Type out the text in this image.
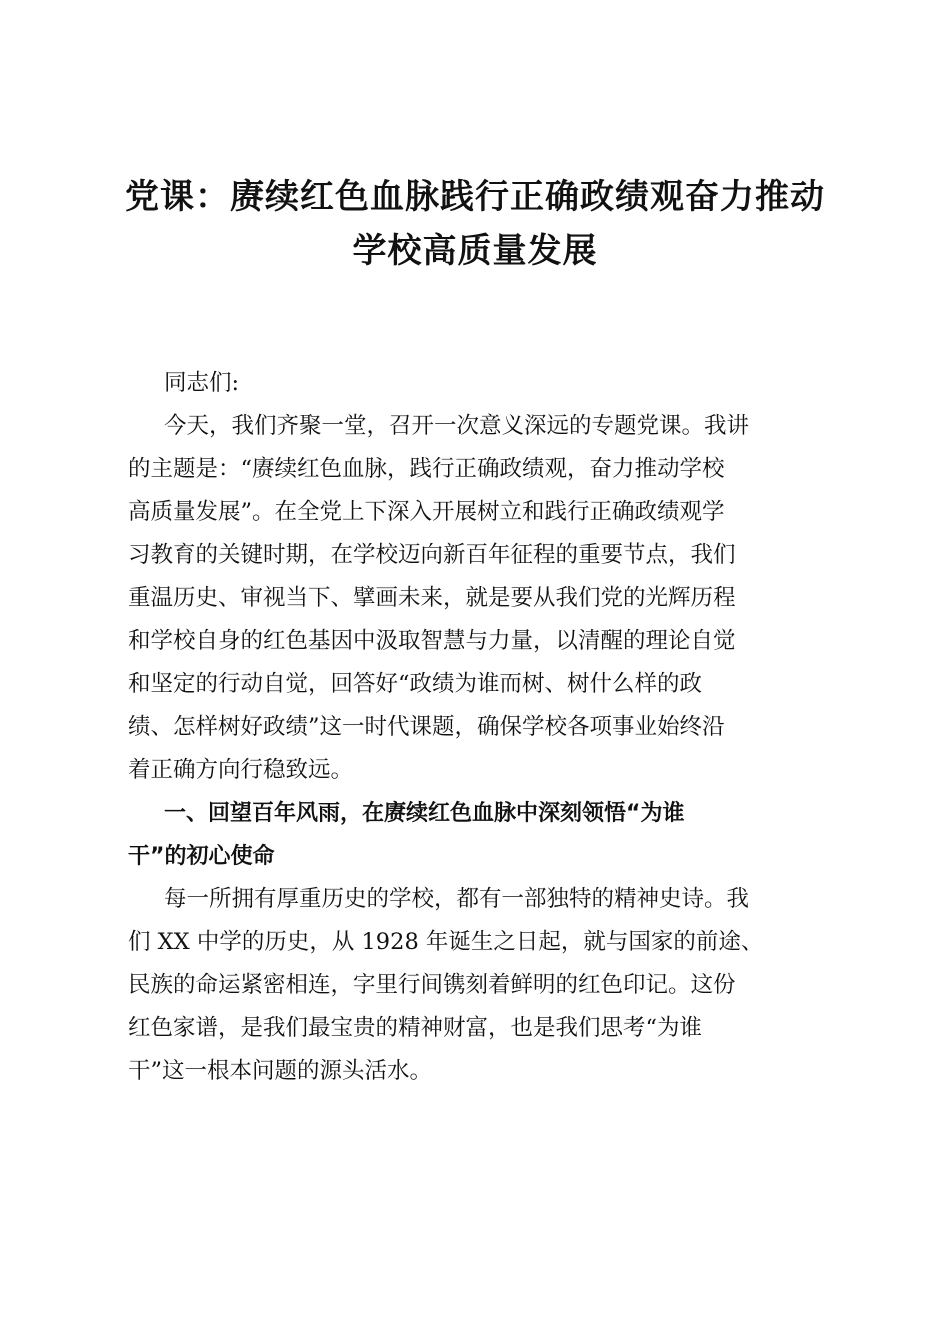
党课：赓续红色血脉践行正确政绩观奋力推动
学校高质量发展
同志们:
今天，我们齐聚一堂，召开一次意义深远的专题党课。我讲
的主题是：“赓续红色血脉，践行正确政绩观，奋力推动学校
高质量发展”。在全党上下深入开展树立和践行正确政绩观学
习教育的关键时期，在学校迈向新百年征程的重要节点，我们
重温历史、审视当下、擘画未来，就是要从我们党的光辉历程
和学校自身的红色基因中汲取智慧与力量，以清醒的理论自觉
和坚定的行动自觉，回答好“政绩为谁而树、树什么样的政
绩、怎样树好政绩”这一时代课题，确保学校各项事业始终沿
着正确方向行稳致远。
一、回望百年风雨，在赓续红色血脉中深刻领悟“为谁
干”的初心使命
每一所拥有厚重历史的学校，都有一部独特的精神史诗。我
们 XX 中学的历史，从 1928 年诞生之日起，就与国家的前途、
民族的命运紧密相连，字里行间镌刻着鲜明的红色印记。这份
红色家谱，是我们最宝贵的精神财富，也是我们思考“为谁
干”这一根本问题的源头活水。
